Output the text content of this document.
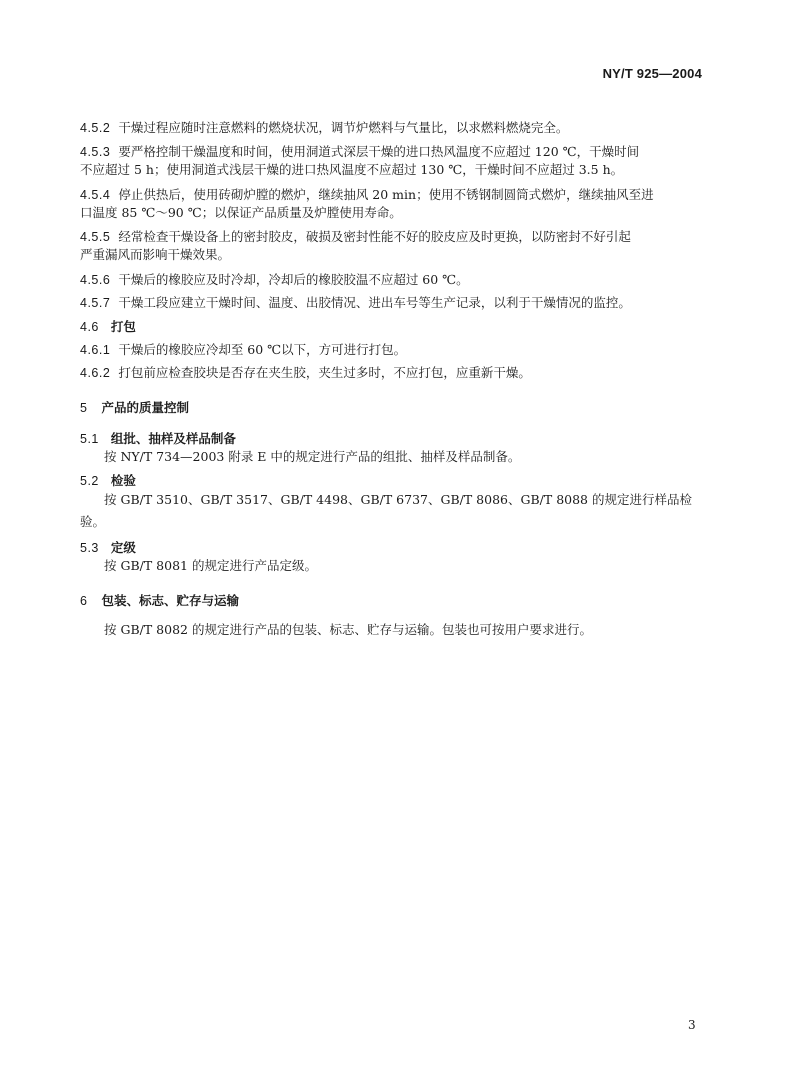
NY/T 925—2004
4.5.2 干燥过程应随时注意燃料的燃烧状况，调节炉燃料与气量比，以求燃料燃烧完全。
4.5.3 要严格控制干燥温度和时间，使用洞道式深层干燥的进口热风温度不应超过 120 ℃，干燥时间
不应超过 5 h；使用洞道式浅层干燥的进口热风温度不应超过 130 ℃，干燥时间不应超过 3.5 h。
4.5.4 停止供热后，使用砖砌炉膛的燃炉，继续抽风 20 min；使用不锈钢制圆筒式燃炉，继续抽风至进
口温度 85 ℃～90 ℃；以保证产品质量及炉膛使用寿命。
4.5.5 经常检查干燥设备上的密封胶皮，破损及密封性能不好的胶皮应及时更换，以防密封不好引起
严重漏风而影响干燥效果。
4.5.6 干燥后的橡胶应及时冷却，冷却后的橡胶胶温不应超过 60 ℃。
4.5.7 干燥工段应建立干燥时间、温度、出胶情况、进出车号等生产记录，以利于干燥情况的监控。
4.6 打包
4.6.1 干燥后的橡胶应冷却至 60 ℃以下，方可进行打包。
4.6.2 打包前应检查胶块是否存在夹生胶，夹生过多时，不应打包，应重新干燥。
5 产品的质量控制
5.1 组批、抽样及样品制备
按 NY/T 734—2003 附录 E 中的规定进行产品的组批、抽样及样品制备。
5.2 检验
按 GB/T 3510、GB/T 3517、GB/T 4498、GB/T 6737、GB/T 8086、GB/T 8088 的规定进行样品检
验。
5.3 定级
按 GB/T 8081 的规定进行产品定级。
6 包装、标志、贮存与运输
按 GB/T 8082 的规定进行产品的包装、标志、贮存与运输。包装也可按用户要求进行。
3
